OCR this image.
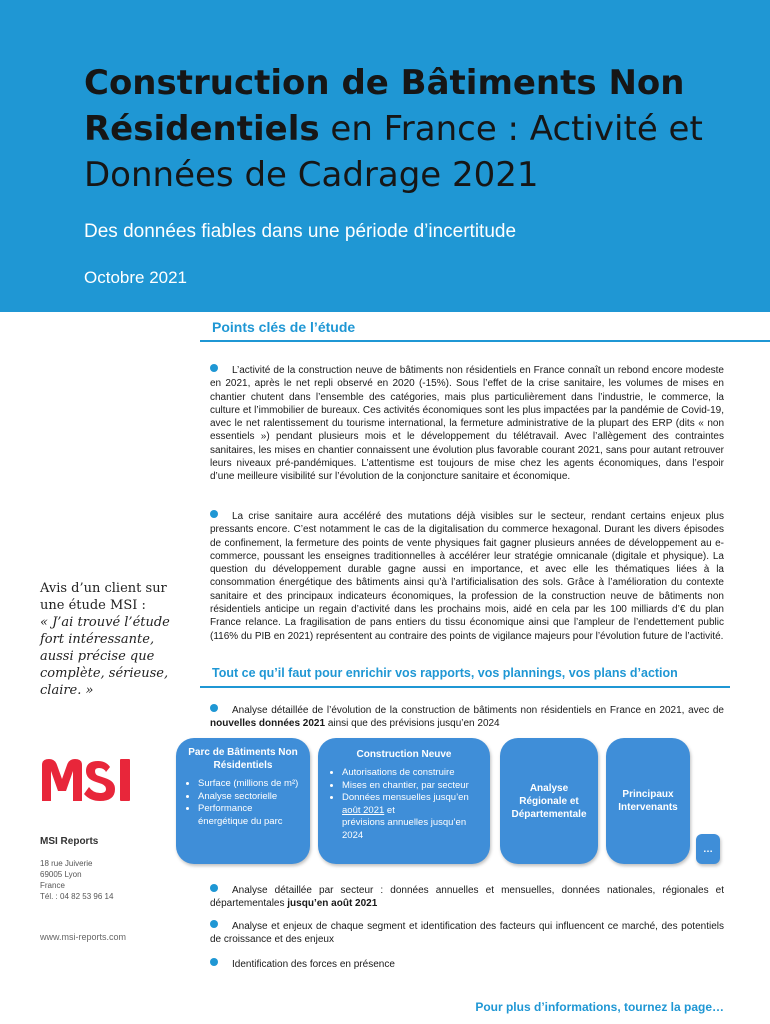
Construction de Bâtiments Non Résidentiels en France : Activité et Données de Cadrage 2021
Des données fiables dans une période d’incertitude
Octobre 2021
Points clés de l’étude

L’activité de la construction neuve de bâtiments non résidentiels en France connaît un rebond encore modeste en 2021, après le net repli observé en 2020 (-15%). Sous l’effet de la crise sanitaire, les volumes de mises en chantier chutent dans l’ensemble des catégories, mais plus particulièrement dans l’industrie, le commerce, la culture et l’immobilier de bureaux. Ces activités économiques sont les plus impactées par la pandémie de Covid-19, avec le net ralentissement du tourisme international, la fermeture administrative de la plupart des ERP (dits « non essentiels ») pendant plusieurs mois et le développement du télétravail. Avec l’allègement des contraintes sanitaires, les mises en chantier connaissent une évolution plus favorable courant 2021, sans pour autant retrouver leurs niveaux pré-pandémiques. L’attentisme est toujours de mise chez les agents économiques, dans l’espoir d’une meilleure visibilité sur l’évolution de la conjoncture sanitaire et économique.

La crise sanitaire aura accéléré des mutations déjà visibles sur le secteur, rendant certains enjeux plus pressants encore. C’est notamment le cas de la digitalisation du commerce hexagonal. Durant les divers épisodes de confinement, la fermeture des points de vente physiques fait gagner plusieurs années de développement au e-commerce, poussant les enseignes traditionnelles à accélérer leur stratégie omnicanale (digitale et physique). La question du développement durable gagne aussi en importance, et avec elle les thématiques liées à la consommation énergétique des bâtiments ainsi qu’à l’artificialisation des sols. Grâce à l’amélioration du contexte sanitaire et des principaux indicateurs économiques, la profession de la construction neuve de bâtiments non résidentiels anticipe un regain d’activité dans les prochains mois, aidé en cela par les 100 milliards d’€ du plan France relance. La fragilisation de pans entiers du tissu économique ainsi que l’ampleur de l’endettement public (116% du PIB en 2021) représentent au contraire des points de vigilance majeurs pour l’évolution future de l’activité.

Avis d’un client sur une étude MSI :
« J’ai trouvé l’étude fort intéressante, aussi précise que complète, sérieuse, claire. »

Tout ce qu’il faut pour enrichir vos rapports, vos plannings, vos plans d’action

Analyse détaillée de l’évolution de la construction de bâtiments non résidentiels en France en 2021, avec de nouvelles données 2021 ainsi que des prévisions jusqu’en 2024

Parc de Bâtiments Non Résidentiels
• Surface (millions de m²)
• Analyse sectorielle
• Performance énergétique du parc
Construction Neuve
• Autorisations de construire
• Mises en chantier, par secteur
• Données mensuelles jusqu’en août 2021 et
prévisions annuelles jusqu’en 2024
Analyse Régionale et Départementale
Principaux Intervenants
…

Analyse détaillée par secteur : données annuelles et mensuelles, données nationales, régionales et départementales jusqu’en août 2021

Analyse et enjeux de chaque segment et identification des facteurs qui influencent ce marché, des potentiels de croissance et des enjeux

Identification des forces en présence

MSI Reports
18 rue Juiverie
69005 Lyon
France
Tél. : 04 82 53 96 14
www.msi-reports.com
Pour plus d’informations, tournez la page…
